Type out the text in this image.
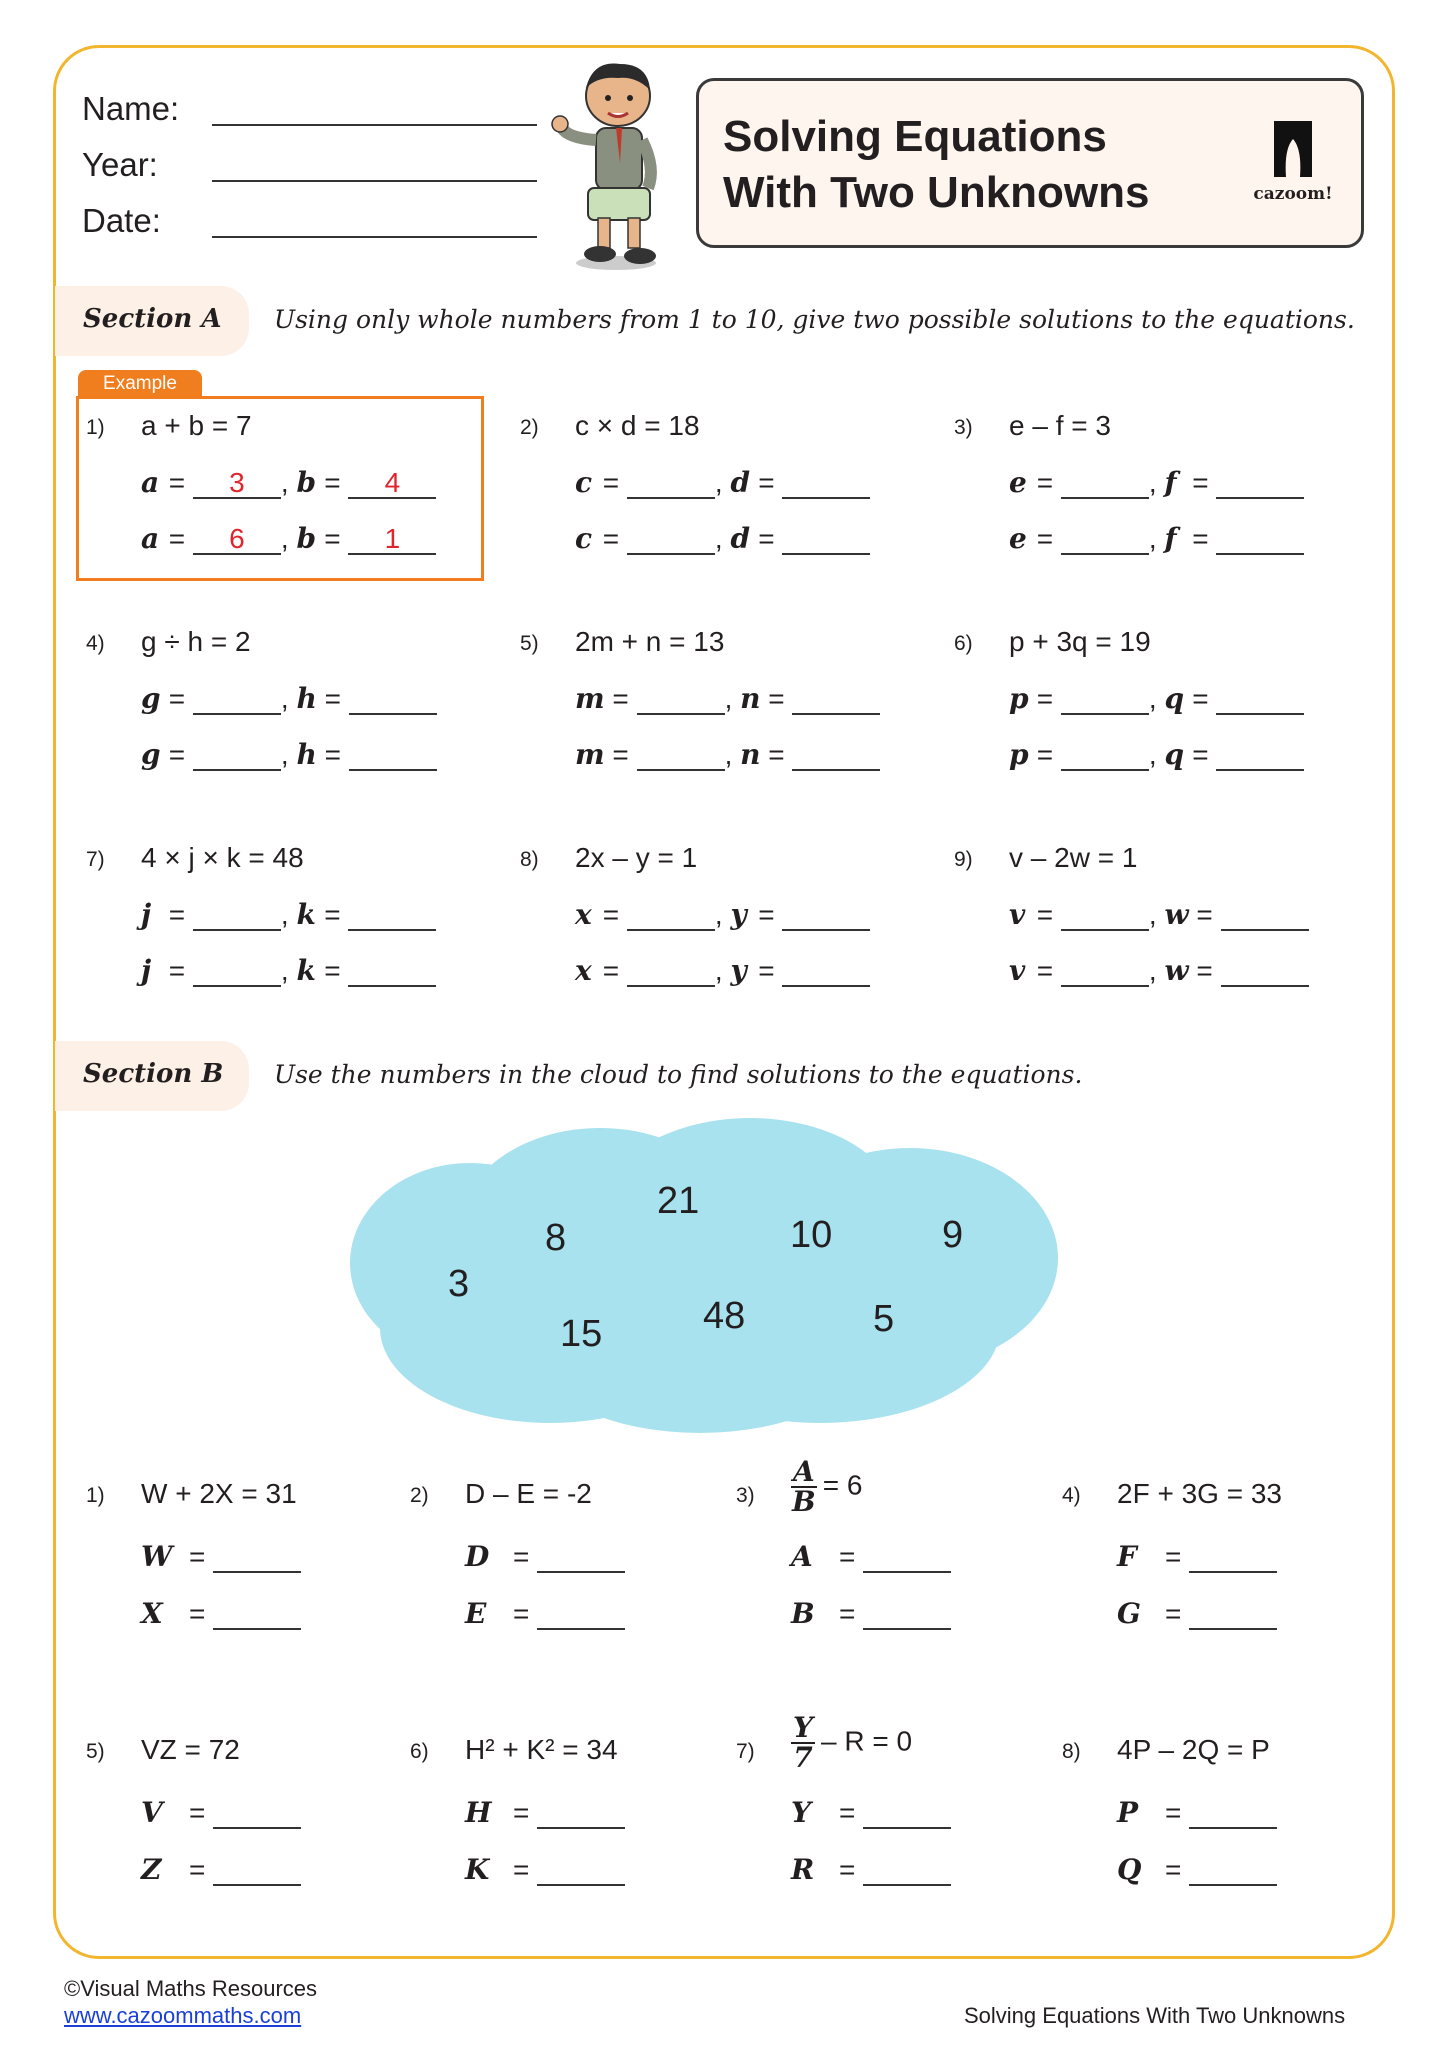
Name:
Year:
Date:
Solving Equations
With Two Unknowns	cazoom!
Section A Using only whole numbers from 1 to 10, give two possible solutions to the equations.
Example
1) a + b = 7
a = 3 , b = 4
a = 6 , b = 1
2) c × d = 18
c =	, d =
c =	, d =
3) e – f = 3
e =	, f =
e =	, f =
4) g ÷ h = 2
g =	, h =
g =	, h =
5) 2m + n = 13
m =	, n =
m =	, n =
6) p + 3q = 19
p =	, q =
p =	, q =
7) 4 × j × k = 48
j =	, k =
j =	, k =
8) 2x – y = 1
x =	, y =
x =	, y =
9) v – 2w = 1
v =	, w =
v =	, w =
Section B Use the numbers in the cloud to find solutions to the equations.
21
8	10	9
3
48
15	5
1) W + 2X = 31
W =
X =
2) D – E = -2
D =
E =
$3) \frac{A}{B} = 6$
A =
B =
4) 2F + 3G = 33
F =
G =
5) VZ = 72
V =
Z =
6) H² + K² = 34
H =
K =
$7) \frac{Y}{7} - R = 0$
Y =
R =
8) 4P – 2Q = P
P =
Q =
©Visual Maths Resources
www.cazoommaths.com	Solving Equations With Two Unknowns
